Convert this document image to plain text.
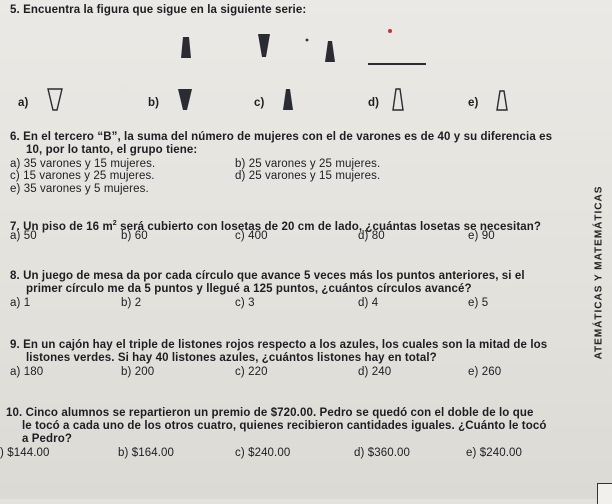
5. Encuentra la figura que sigue en la siguiente serie:
a)	b)	c)	d)	e)
6. En el tercero “B”, la suma del número de mujeres con el de varones es de 40 y su diferencia es
10, por lo tanto, el grupo tiene:
a) 35 varones y 15 mujeres.	b) 25 varones y 25 mujeres.
c) 15 varones y 25 mujeres.	d) 25 varones y 15 mujeres.
e) 35 varones y 5 mujeres.
7. Un piso de 16 $m^2$ será cubierto con losetas de 20 cm de lado, ¿cuántas losetas se necesitan?
a) 50	b) 60	c) 400	d) 80	e) 90
8. Un juego de mesa da por cada círculo que avance 5 veces más los puntos anteriores, si el
primer círculo me da 5 puntos y llegué a 125 puntos, ¿cuántos círculos avancé?
a) 1	b) 2	c) 3	d) 4	e) 5
9. En un cajón hay el triple de listones rojos respecto a los azules, los cuales son la mitad de los
listones verdes. Si hay 40 listones azules, ¿cuántos listones hay en total?
a) 180	b) 200	c) 220	d) 240	e) 260
10. Cinco alumnos se repartieron un premio de $720.00. Pedro se quedó con el doble de lo que
le tocó a cada uno de los otros cuatro, quienes recibieron cantidades iguales. ¿Cuánto le tocó
a Pedro?
) $144.00	b) $164.00	c) $240.00	d) $360.00	e) $240.00
ATEMÁTICAS Y MATEMÁTICAS
